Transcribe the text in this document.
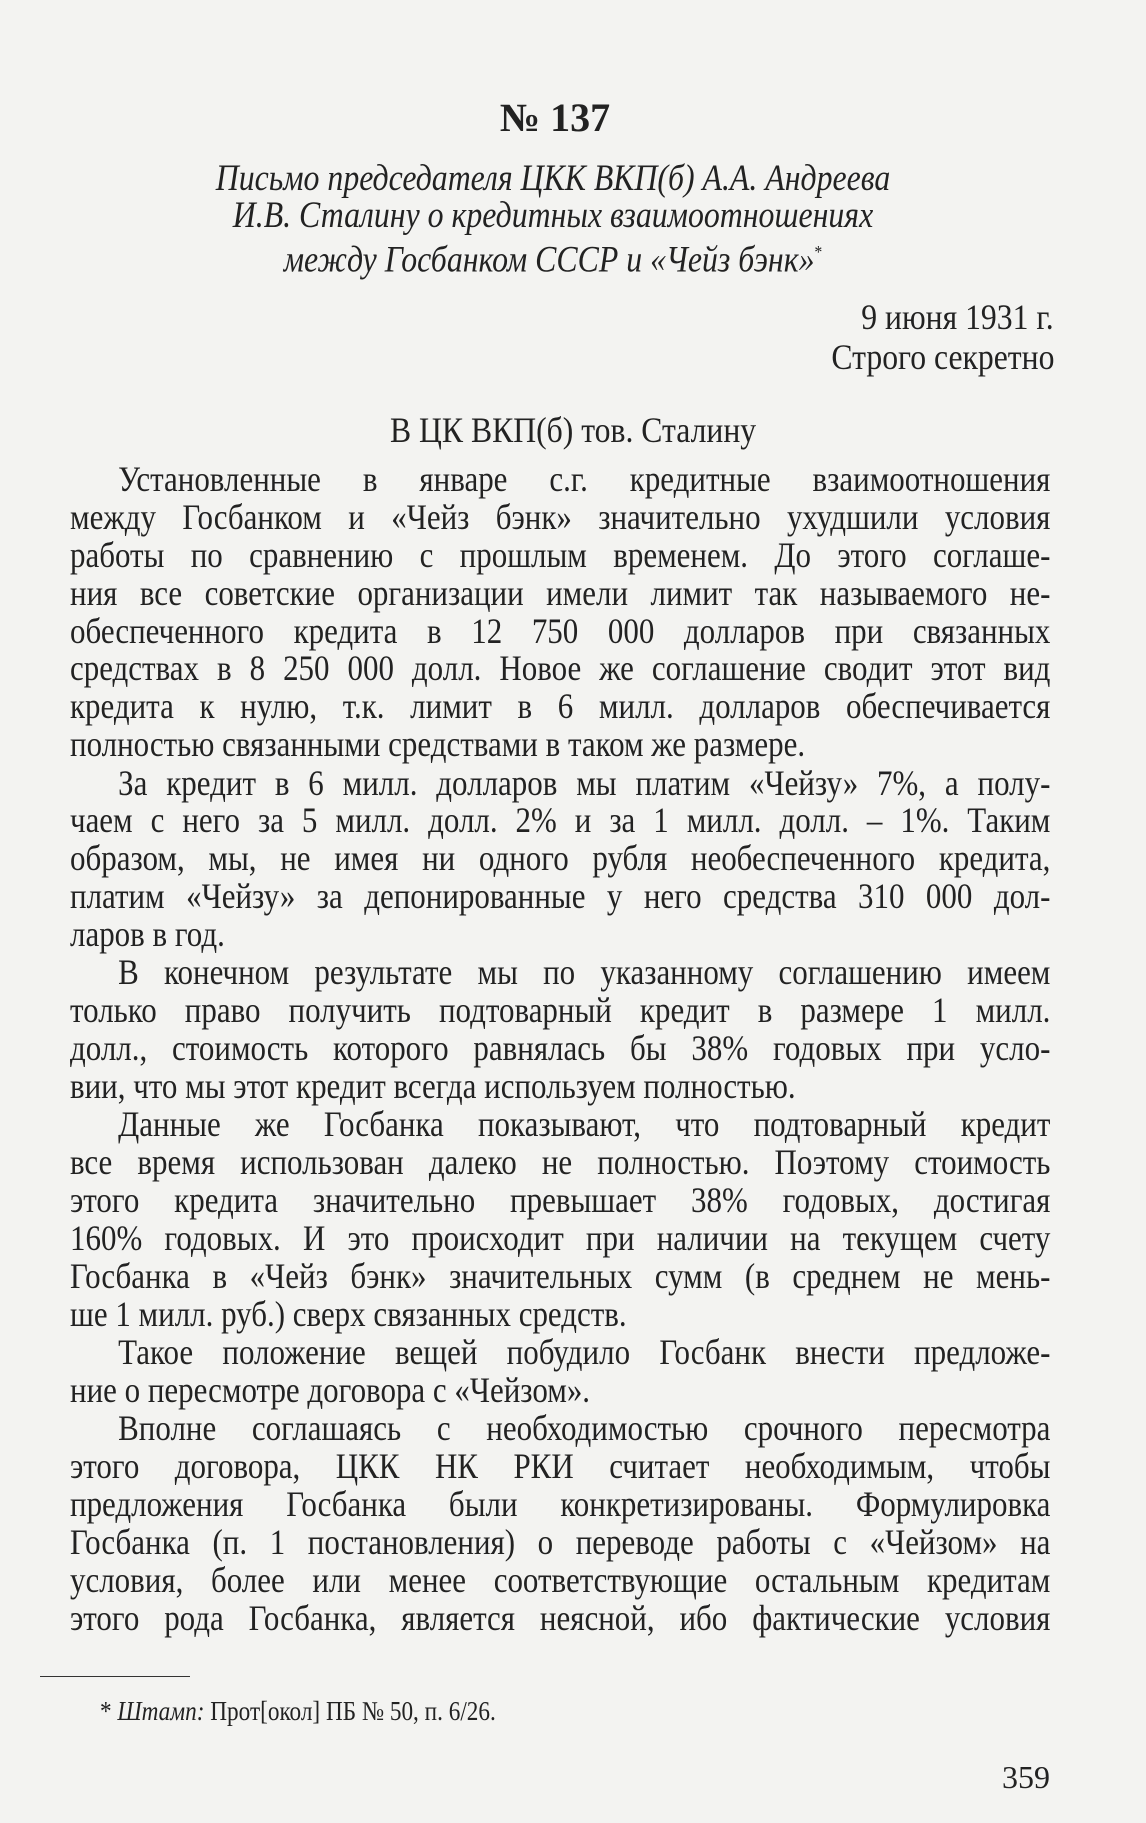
№ 137
Письмо председателя ЦКК ВКП(б) А.А. Андреева
И.В. Сталину о кредитных взаимоотношениях
между Госбанком СССР и «Чейз бэнк»*
9 июня 1931 г.
Строго секретно
В ЦК ВКП(б) тов. Сталину
Установленные в январе с.г. кредитные взаимоотношения
между Госбанком и «Чейз бэнк» значительно ухудшили условия
работы по сравнению с прошлым временем. До этого соглаше-
ния все советские организации имели лимит так называемого не-
обеспеченного кредита в 12 750 000 долларов при связанных
средствах в 8 250 000 долл. Новое же соглашение сводит этот вид
кредита к нулю, т.к. лимит в 6 милл. долларов обеспечивается
полностью связанными средствами в таком же размере.
За кредит в 6 милл. долларов мы платим «Чейзу» 7%, а полу-
чаем с него за 5 милл. долл. 2% и за 1 милл. долл. – 1%. Таким
образом, мы, не имея ни одного рубля необеспеченного кредита,
платим «Чейзу» за депонированные у него средства 310 000 дол-
ларов в год.
В конечном результате мы по указанному соглашению имеем
только право получить подтоварный кредит в размере 1 милл.
долл., стоимость которого равнялась бы 38% годовых при усло-
вии, что мы этот кредит всегда используем полностью.
Данные же Госбанка показывают, что подтоварный кредит
все время использован далеко не полностью. Поэтому стоимость
этого кредита значительно превышает 38% годовых, достигая
160% годовых. И это происходит при наличии на текущем счету
Госбанка в «Чейз бэнк» значительных сумм (в среднем не мень-
ше 1 милл. руб.) сверх связанных средств.
Такое положение вещей побудило Госбанк внести предложе-
ние о пересмотре договора с «Чейзом».
Вполне соглашаясь с необходимостью срочного пересмотра
этого договора, ЦКК НК РКИ считает необходимым, чтобы
предложения Госбанка были конкретизированы. Формулировка
Госбанка (п. 1 постановления) о переводе работы с «Чейзом» на
условия, более или менее соответствующие остальным кредитам
этого рода Госбанка, является неясной, ибо фактические условия
* Штамп: Прот[окол] ПБ № 50, п. 6/26.
359
